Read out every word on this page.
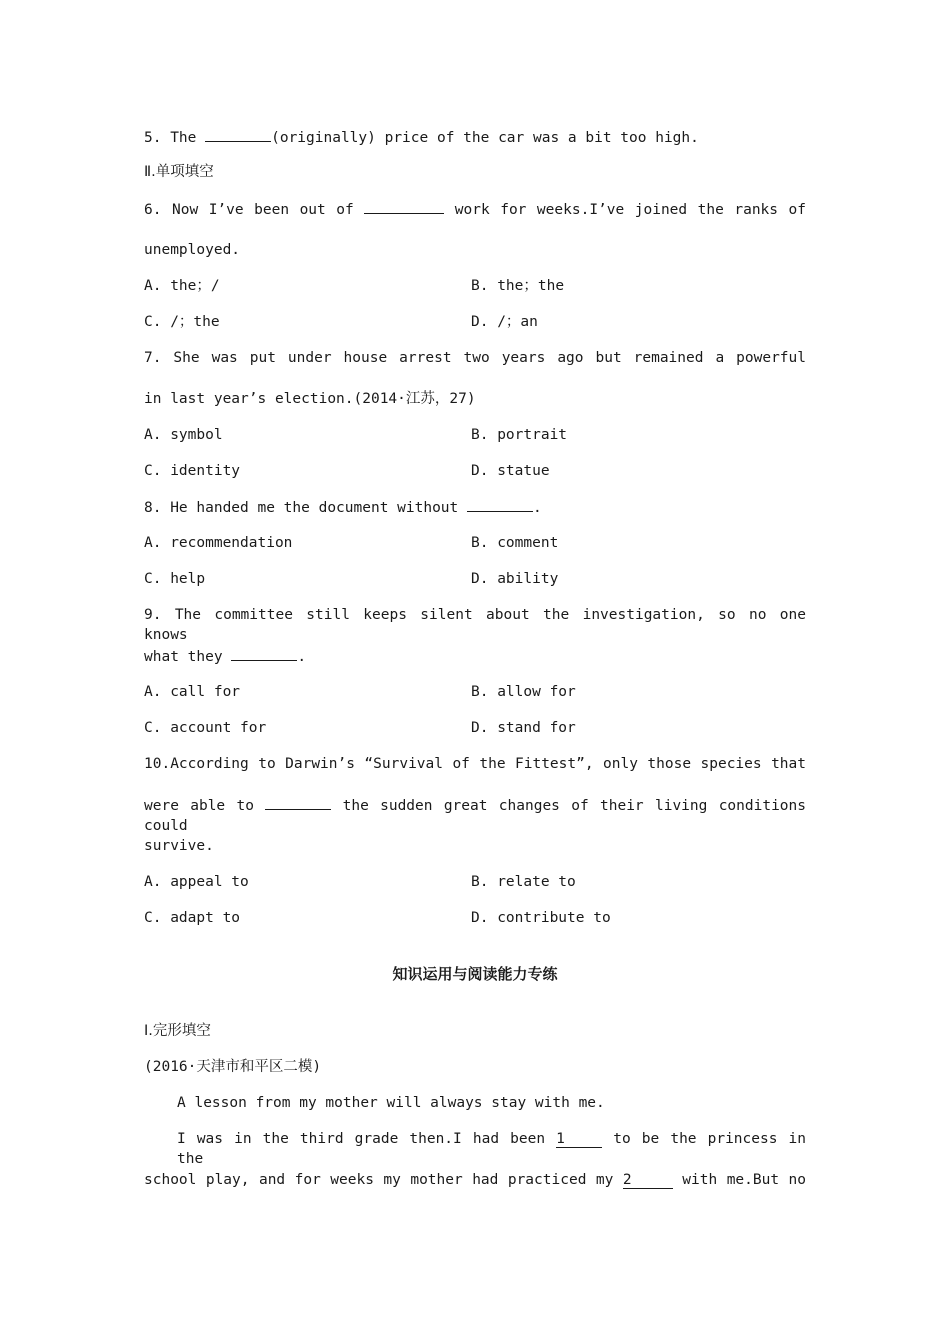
5. The	(originally) price of the car was a bit too high.
Ⅱ.单项填空
6. Now I’ve been out of	work for weeks.I’ve joined the ranks of
unemployed.
A. the；/	B. the；the
C. /；the	D. /；an
7. She was put under house arrest two years ago but remained a powerful
in last year’s election.(2014·江苏，27)
A. symbol	B. portrait
C. identity	D. statue
8. He handed me the document without	.
A. recommendation	B. comment
C. help	D. ability
9. The committee still keeps silent about the investigation, so no one knows
what they	.
A. call for	B. allow for
C. account for	D. stand for
10.According to Darwin’s “Survival of the Fittest”, only those species that
were able to	the sudden great changes of their living conditions could
survive.
A. appeal to	B. relate to
C. adapt to	D. contribute to
知识运用与阅读能力专练
Ⅰ.完形填空
(2016·天津市和平区二模)
A lesson from my mother will always stay with me.
I was in the third grade then.I had been 1	to be the princess in the
school play, and for weeks my mother had practiced my 2	with me.But no
